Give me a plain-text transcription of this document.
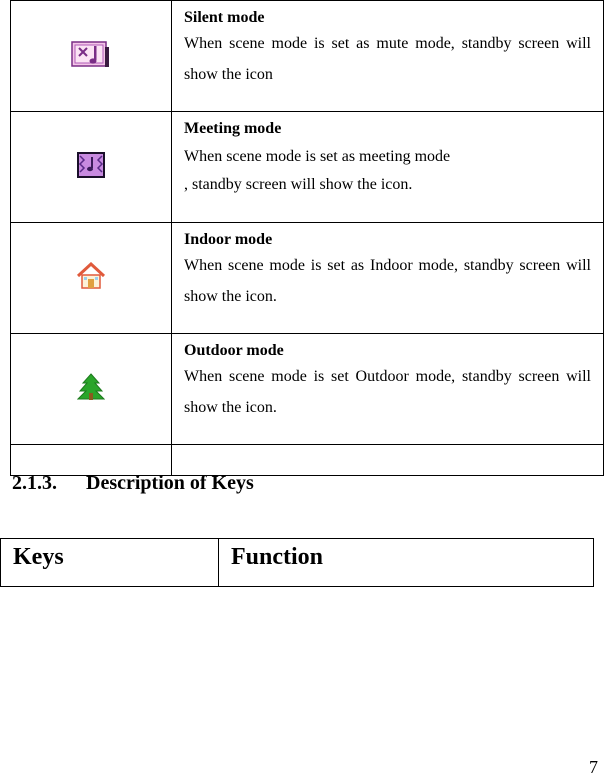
Silent mode
When scene mode is set as mute mode, standby screen will show the icon

Meeting mode
When scene mode is set as meeting mode
, standby screen will show the icon.

Indoor mode
When scene mode is set as Indoor mode, standby screen will show the icon.

Outdoor mode
When scene mode is set Outdoor mode, standby screen will show the icon.

2.1.3. Description of Keys
Keys	Function
7
